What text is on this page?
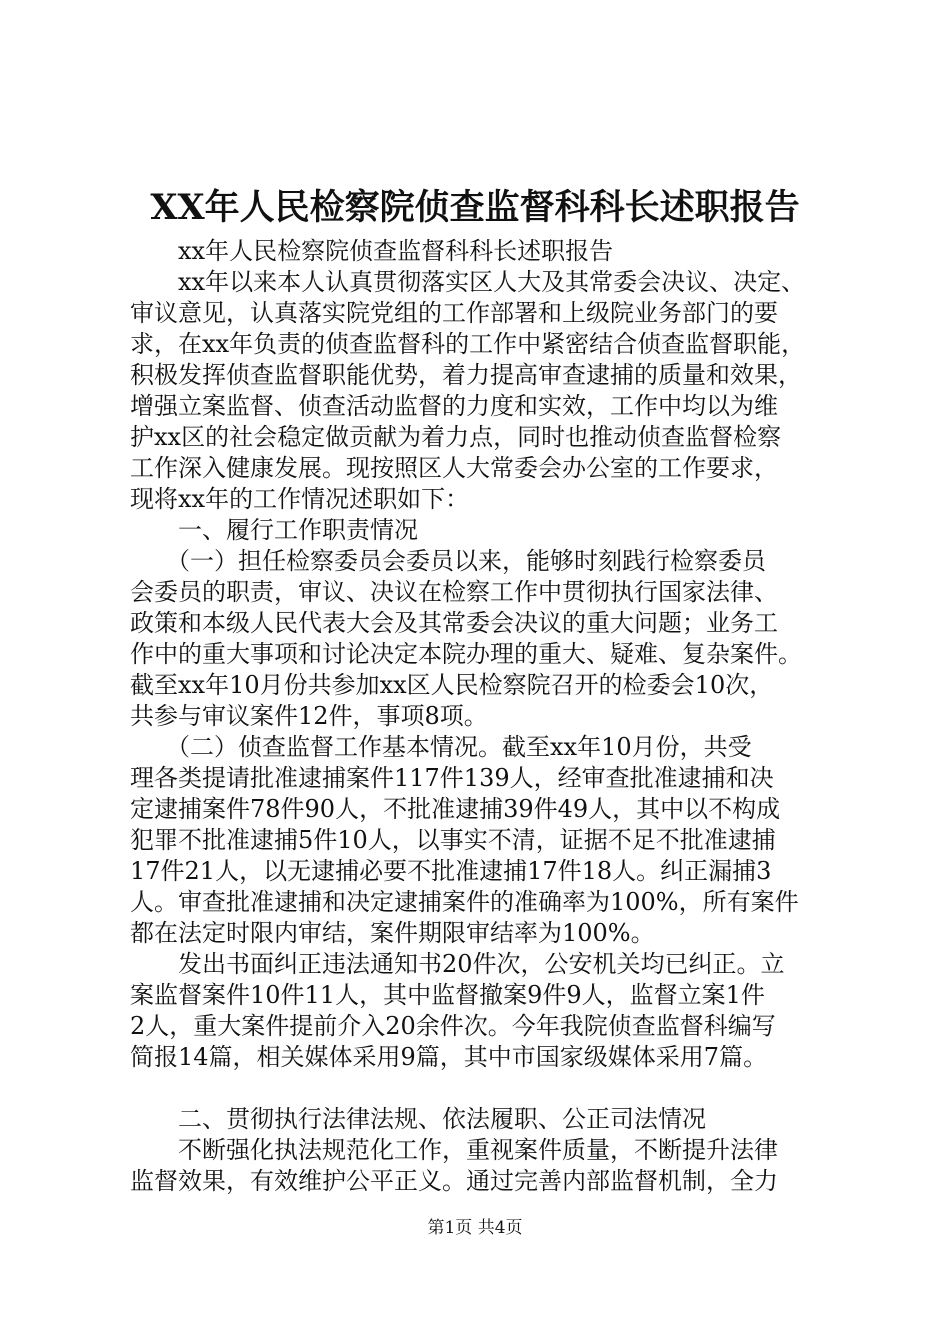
XX年人民检察院侦查监督科科长述职报告
　　xx年人民检察院侦查监督科科长述职报告
　　xx年以来本人认真贯彻落实区人大及其常委会决议、决定、
审议意见，认真落实院党组的工作部署和上级院业务部门的要
求，在xx年负责的侦查监督科的工作中紧密结合侦查监督职能，
积极发挥侦查监督职能优势，着力提高审查逮捕的质量和效果，
增强立案监督、侦查活动监督的力度和实效，工作中均以为维
护xx区的社会稳定做贡献为着力点，同时也推动侦查监督检察
工作深入健康发展。现按照区人大常委会办公室的工作要求，
现将xx年的工作情况述职如下：
　　一、履行工作职责情况
　　（一）担任检察委员会委员以来，能够时刻践行检察委员
会委员的职责，审议、决议在检察工作中贯彻执行国家法律、
政策和本级人民代表大会及其常委会决议的重大问题；业务工
作中的重大事项和讨论决定本院办理的重大、疑难、复杂案件。
截至xx年10月份共参加xx区人民检察院召开的检委会10次，
共参与审议案件12件，事项8项。
　　（二）侦查监督工作基本情况。截至xx年10月份，共受
理各类提请批准逮捕案件117件139人，经审查批准逮捕和决
定逮捕案件78件90人，不批准逮捕39件49人，其中以不构成
犯罪不批准逮捕5件10人，以事实不清，证据不足不批准逮捕
17件21人，以无逮捕必要不批准逮捕17件18人。纠正漏捕3
人。审查批准逮捕和决定逮捕案件的准确率为100%，所有案件
都在法定时限内审结，案件期限审结率为100%。
　　发出书面纠正违法通知书20件次，公安机关均已纠正。立
案监督案件10件11人，其中监督撤案9件9人，监督立案1件
2人，重大案件提前介入20余件次。今年我院侦查监督科编写
简报14篇，相关媒体采用9篇，其中市国家级媒体采用7篇。
　　二、贯彻执行法律法规、依法履职、公正司法情况
　　不断强化执法规范化工作，重视案件质量，不断提升法律
监督效果，有效维护公平正义。通过完善内部监督机制，全力
第1页 共4页
